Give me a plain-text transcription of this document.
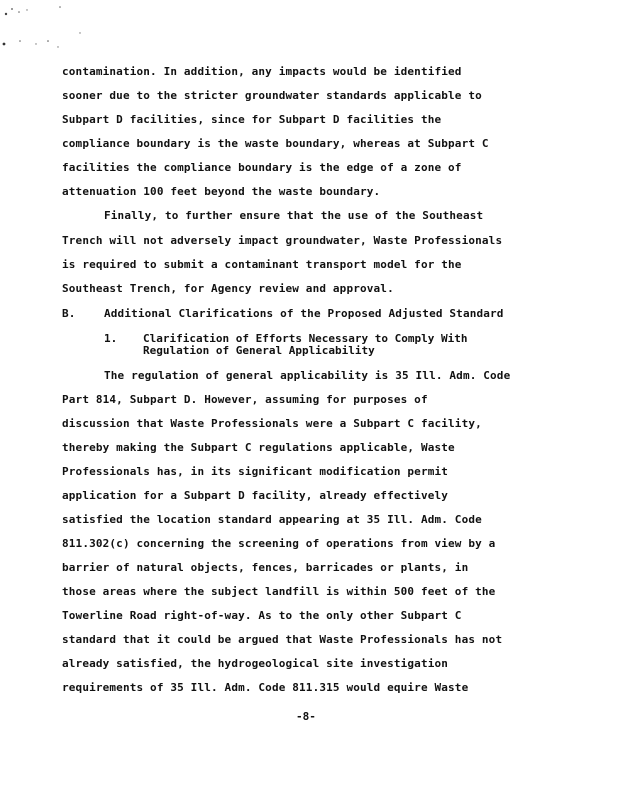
contamination. In addition, any impacts would be identified
sooner due to the stricter groundwater standards applicable to
Subpart D facilities, since for Subpart D facilities the
compliance boundary is the waste boundary, whereas at Subpart C
facilities the compliance boundary is the edge of a zone of
attenuation 100 feet beyond the waste boundary.
Finally, to further ensure that the use of the Southeast
Trench will not adversely impact groundwater, Waste Professionals
is required to submit a contaminant transport model for the
Southeast Trench, for Agency review and approval.
B.	Additional Clarifications of the Proposed Adjusted Standard
1. Clarification of Efforts Necessary to Comply With
Regulation of General Applicability
The regulation of general applicability is 35 Ill. Adm. Code
Part 814, Subpart D. However, assuming for purposes of
discussion that Waste Professionals were a Subpart C facility,
thereby making the Subpart C regulations applicable, Waste
Professionals has, in its significant modification permit
application for a Subpart D facility, already effectively
satisfied the location standard appearing at 35 Ill. Adm. Code
811.302(c) concerning the screening of operations from view by a
barrier of natural objects, fences, barricades or plants, in
those areas where the subject landfill is within 500 feet of the
Towerline Road right-of-way. As to the only other Subpart C
standard that it could be argued that Waste Professionals has not
already satisfied, the hydrogeological site investigation
requirements of 35 Ill. Adm. Code 811.315 would equire Waste
-8-
